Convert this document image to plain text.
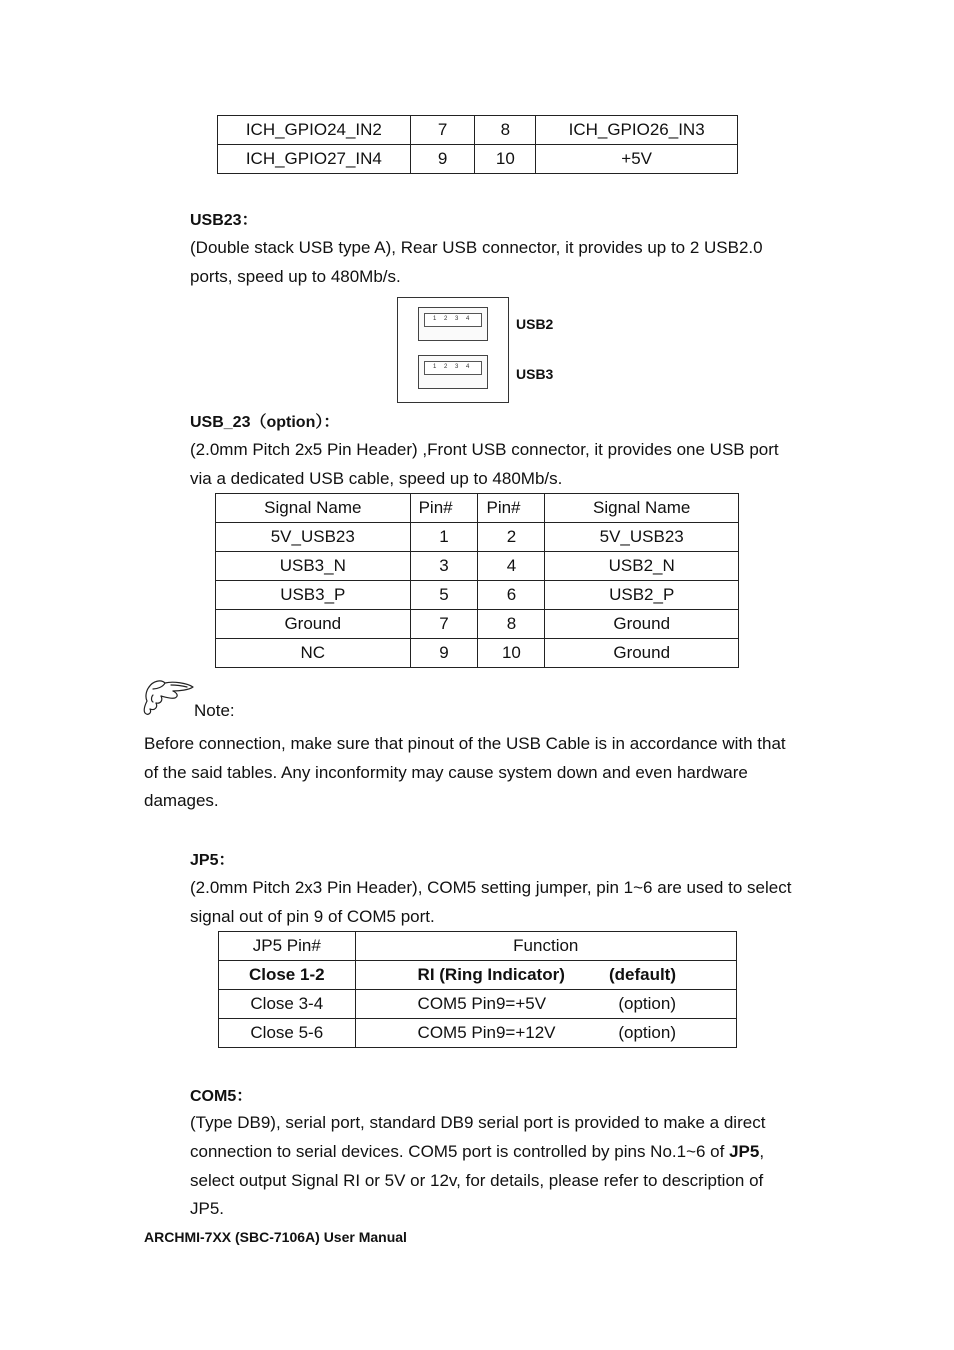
ICH_GPIO24_IN2	7	8	ICH_GPIO26_IN3
ICH_GPIO27_IN4	9	10	+5V
USB23：
(Double stack USB type A), Rear USB connector, it provides up to 2 USB2.0
ports, speed up to 480Mb/s.
1 2 3 4
1 2 3 4
USB2
USB3
USB_23（option）：
(2.0mm Pitch 2x5 Pin Header) ,Front USB connector, it provides one USB port
via a dedicated USB cable, speed up to 480Mb/s.
Signal Name	Pin#	Pin#	Signal Name
5V_USB23	1	2	5V_USB23
USB3_N	3	4	USB2_N
USB3_P	5	6	USB2_P
Ground	7	8	Ground
NC	9	10	Ground
Note:
Before connection, make sure that pinout of the USB Cable is in accordance with that
of the said tables. Any inconformity may cause system down and even hardware
damages.
JP5：
(2.0mm Pitch 2x3 Pin Header), COM5 setting jumper, pin 1~6 are used to select
signal out of pin 9 of COM5 port.
JP5 Pin#	Function
Close 1-2	RI (Ring Indicator) (default)

Close 3-4	COM5 Pin9=+5V (option)

Close 5-6	COM5 Pin9=+12V (option)
COM5：
(Type DB9), serial port, standard DB9 serial port is provided to make a direct
connection to serial devices. COM5 port is controlled by pins No.1~6 of JP5,
select output Signal RI or 5V or 12v, for details, please refer to description of
JP5.
ARCHMI-7XX (SBC-7106A) User Manual
